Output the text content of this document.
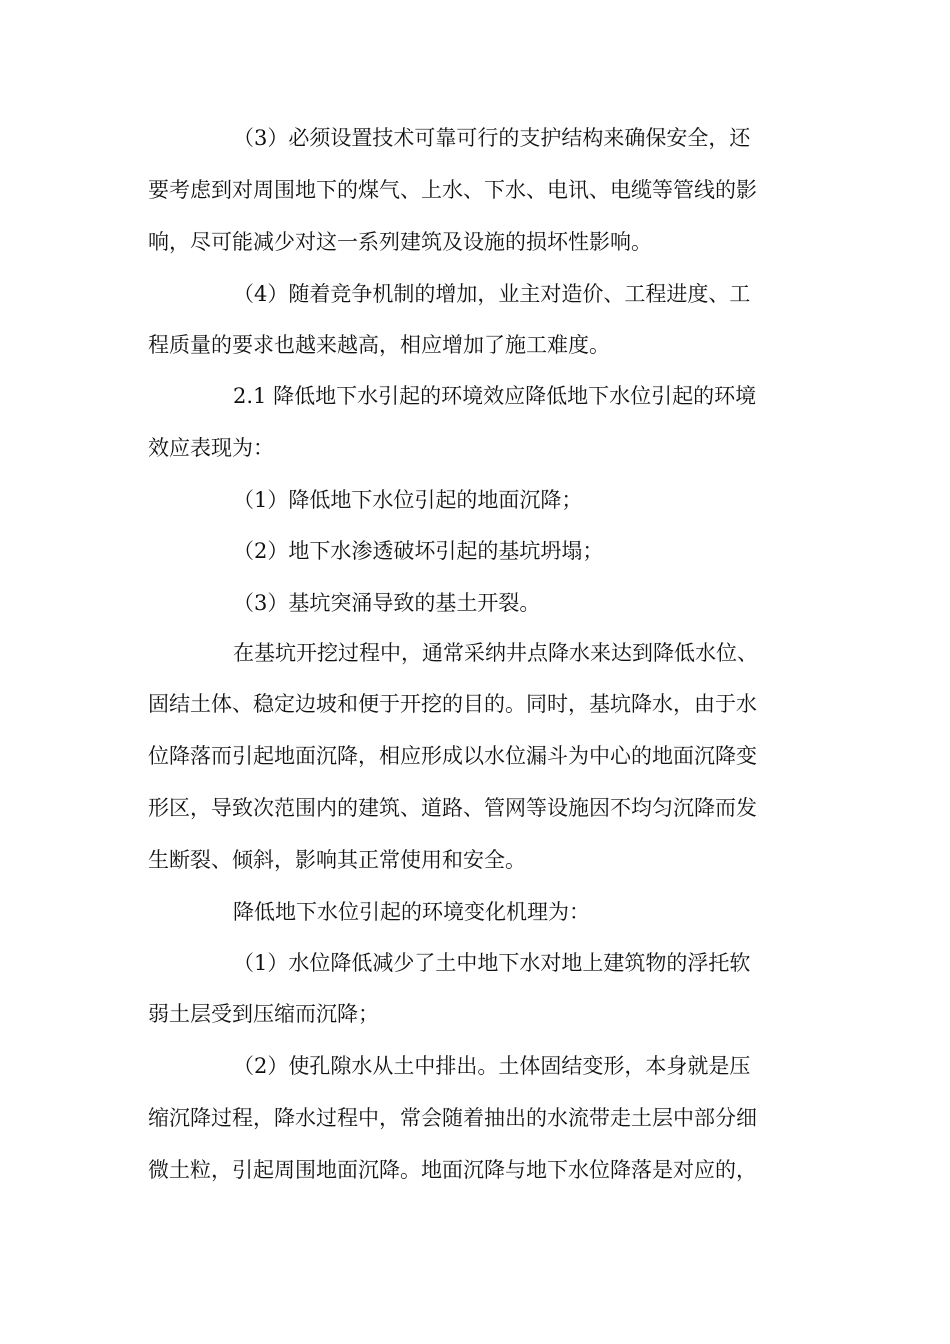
（3）必须设置技术可靠可行的支护结构来确保安全，还
要考虑到对周围地下的煤气、上水、下水、电讯、电缆等管线的影
响，尽可能减少对这一系列建筑及设施的损坏性影响。
（4）随着竞争机制的增加，业主对造价、工程进度、工
程质量的要求也越来越高，相应增加了施工难度。
2.1 降低地下水引起的环境效应降低地下水位引起的环境
效应表现为：
（1）降低地下水位引起的地面沉降；
（2）地下水渗透破坏引起的基坑坍塌；
（3）基坑突涌导致的基土开裂。
在基坑开挖过程中，通常采纳井点降水来达到降低水位、
固结土体、稳定边坡和便于开挖的目的。同时，基坑降水，由于水
位降落而引起地面沉降，相应形成以水位漏斗为中心的地面沉降变
形区，导致次范围内的建筑、道路、管网等设施因不均匀沉降而发
生断裂、倾斜，影响其正常使用和安全。
降低地下水位引起的环境变化机理为：
（1）水位降低减少了土中地下水对地上建筑物的浮托软
弱土层受到压缩而沉降；
（2）使孔隙水从土中排出。土体固结变形，本身就是压
缩沉降过程，降水过程中，常会随着抽出的水流带走土层中部分细
微土粒，引起周围地面沉降。地面沉降与地下水位降落是对应的，
